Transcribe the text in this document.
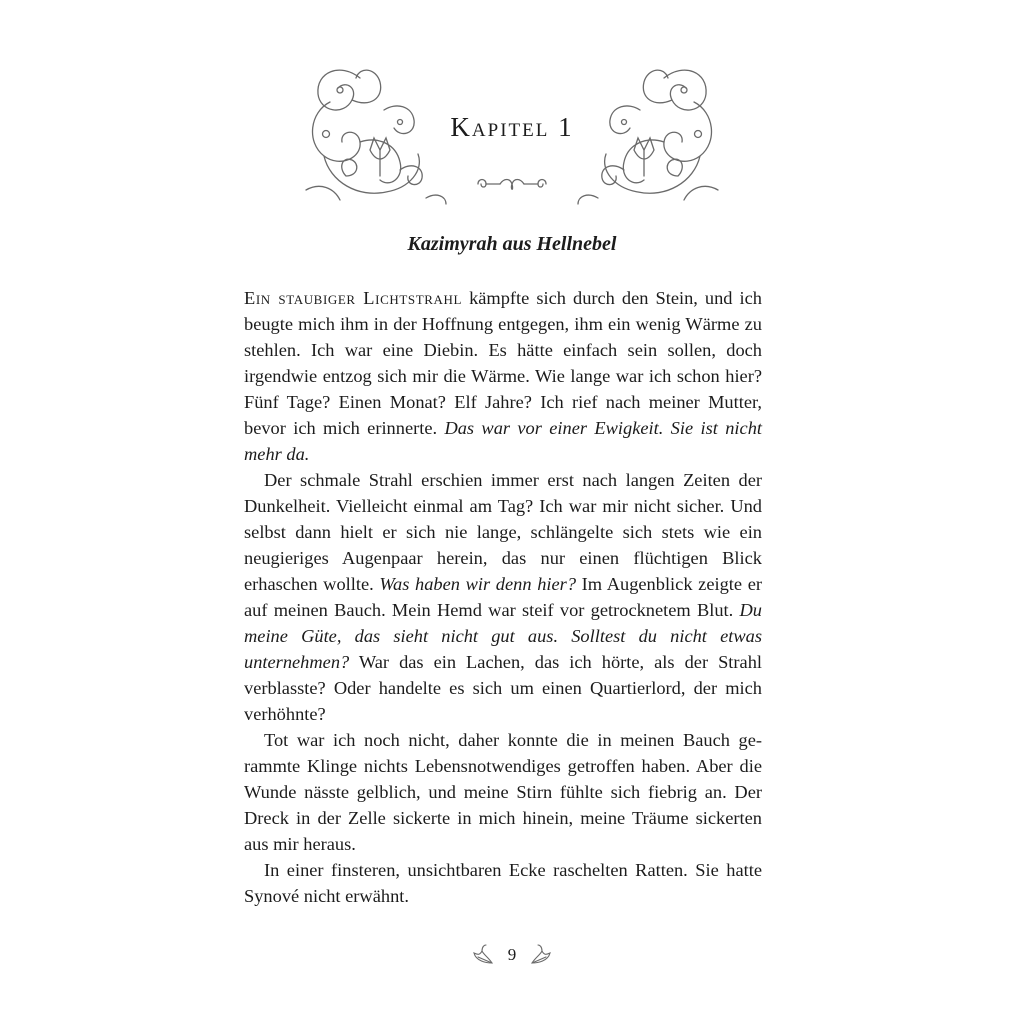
Kapitel 1
Kazimyrah aus Hellnebel

Ein staubiger Lichtstrahl kämpfte sich durch den Stein, und ich beugte mich ihm in der Hoffnung entgegen, ihm ein wenig Wärme zu stehlen. Ich war eine Diebin. Es hätte einfach sein sollen, doch irgendwie entzog sich mir die Wärme. Wie lange war ich schon hier? Fünf Tage? Einen Monat? Elf Jahre? Ich rief nach meiner Mutter, bevor ich mich erinnerte. Das war vor einer Ewigkeit. Sie ist nicht mehr da.

Der schmale Strahl erschien immer erst nach langen Zeiten der Dunkelheit. Vielleicht einmal am Tag? Ich war mir nicht sicher. Und selbst dann hielt er sich nie lange, schlängelte sich stets wie ein neugieriges Augenpaar herein, das nur einen flüchtigen Blick erhaschen wollte. Was haben wir denn hier? Im Augenblick zeigte er auf meinen Bauch. Mein Hemd war steif vor getrocknetem Blut. Du meine Güte, das sieht nicht gut aus. Solltest du nicht etwas unternehmen? War das ein Lachen, das ich hörte, als der Strahl verblasste? Oder handelte es sich um einen Quartierlord, der mich verhöhnte?

Tot war ich noch nicht, daher konnte die in meinen Bauch gerammte Klinge nichts Lebensnotwendiges getroffen haben. Aber die Wunde nässte gelblich, und meine Stirn fühlte sich fiebrig an. Der Dreck in der Zelle sickerte in mich hinein, meine Träume sickerten aus mir heraus.

In einer finsteren, unsichtbaren Ecke raschelten Ratten. Sie hatte Synové nicht erwähnt.

9
